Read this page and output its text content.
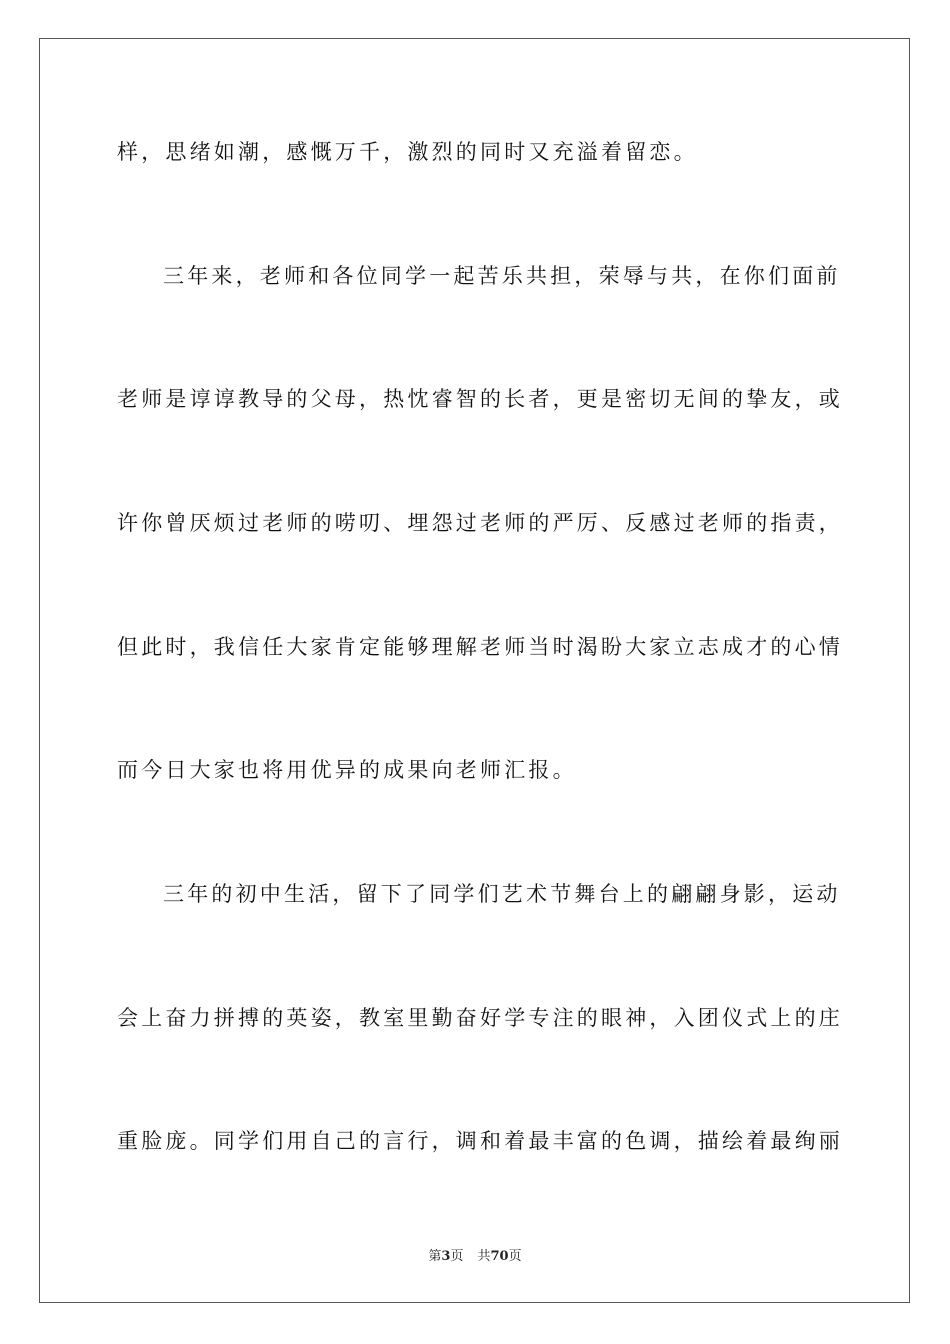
样，思绪如潮，感慨万千，激烈的同时又充溢着留恋。
三年来，老师和各位同学一起苦乐共担，荣辱与共，在你们面前
老师是谆谆教导的父母，热忱睿智的长者，更是密切无间的挚友，或
许你曾厌烦过老师的唠叨、埋怨过老师的严厉、反感过老师的指责，
但此时，我信任大家肯定能够理解老师当时渴盼大家立志成才的心情
而今日大家也将用优异的成果向老师汇报。
三年的初中生活，留下了同学们艺术节舞台上的翩翩身影，运动
会上奋力拼搏的英姿，教室里勤奋好学专注的眼神，入团仪式上的庄
重脸庞。同学们用自己的言行，调和着最丰富的色调，描绘着最绚丽
第3页 共70页
